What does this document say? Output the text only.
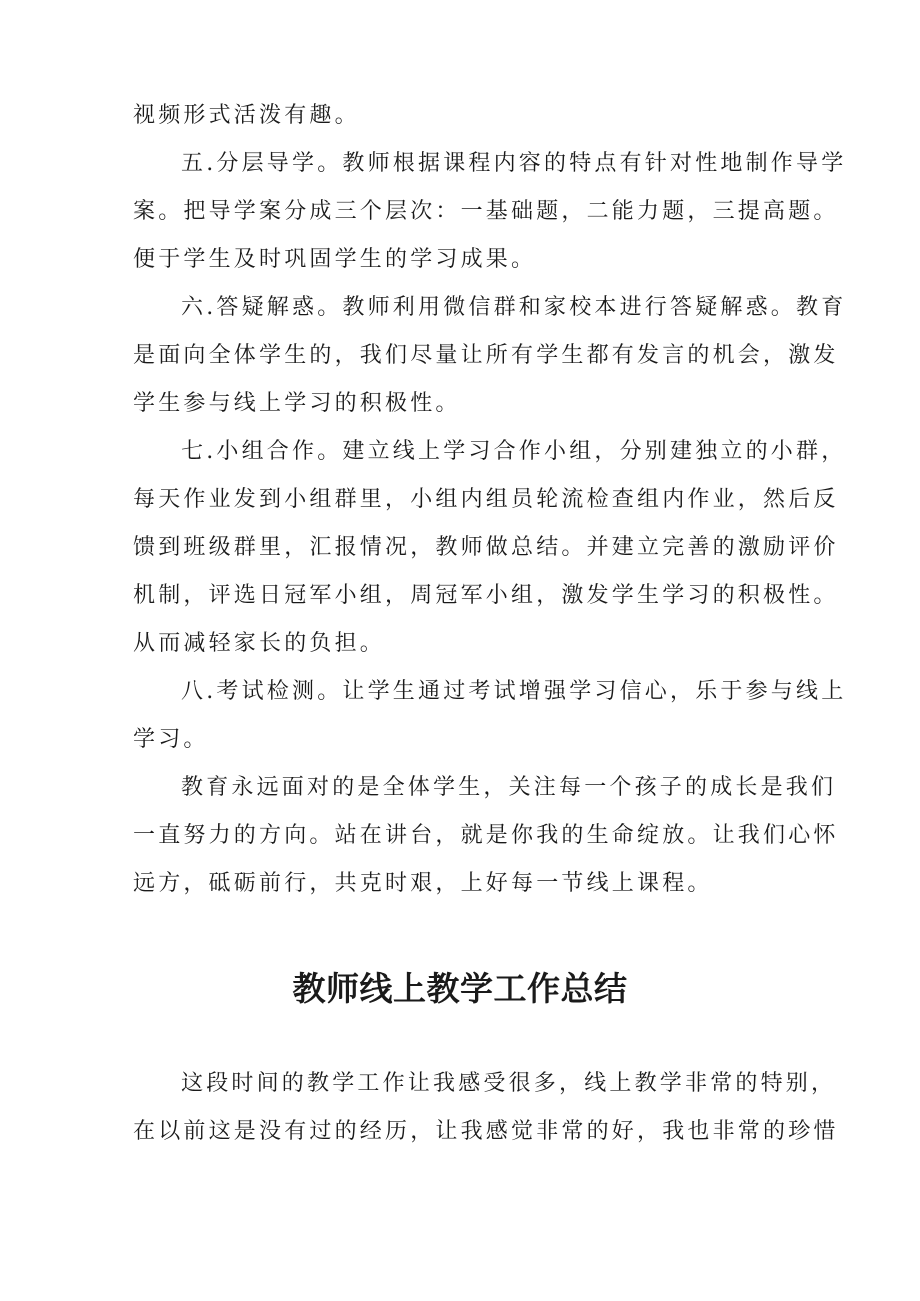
视频形式活泼有趣。
五.分层导学。教师根据课程内容的特点有针对性地制作导学
案。把导学案分成三个层次：一基础题，二能力题，三提高题。
便于学生及时巩固学生的学习成果。
六.答疑解惑。教师利用微信群和家校本进行答疑解惑。教育
是面向全体学生的，我们尽量让所有学生都有发言的机会，激发
学生参与线上学习的积极性。
七.小组合作。建立线上学习合作小组，分别建独立的小群，
每天作业发到小组群里，小组内组员轮流检查组内作业，然后反
馈到班级群里，汇报情况，教师做总结。并建立完善的激励评价
机制，评选日冠军小组，周冠军小组，激发学生学习的积极性。
从而减轻家长的负担。
八.考试检测。让学生通过考试增强学习信心，乐于参与线上
学习。
教育永远面对的是全体学生，关注每一个孩子的成长是我们
一直努力的方向。站在讲台，就是你我的生命绽放。让我们心怀
远方，砥砺前行，共克时艰，上好每一节线上课程。
教师线上教学工作总结
这段时间的教学工作让我感受很多，线上教学非常的特别，
在以前这是没有过的经历，让我感觉非常的好，我也非常的珍惜
